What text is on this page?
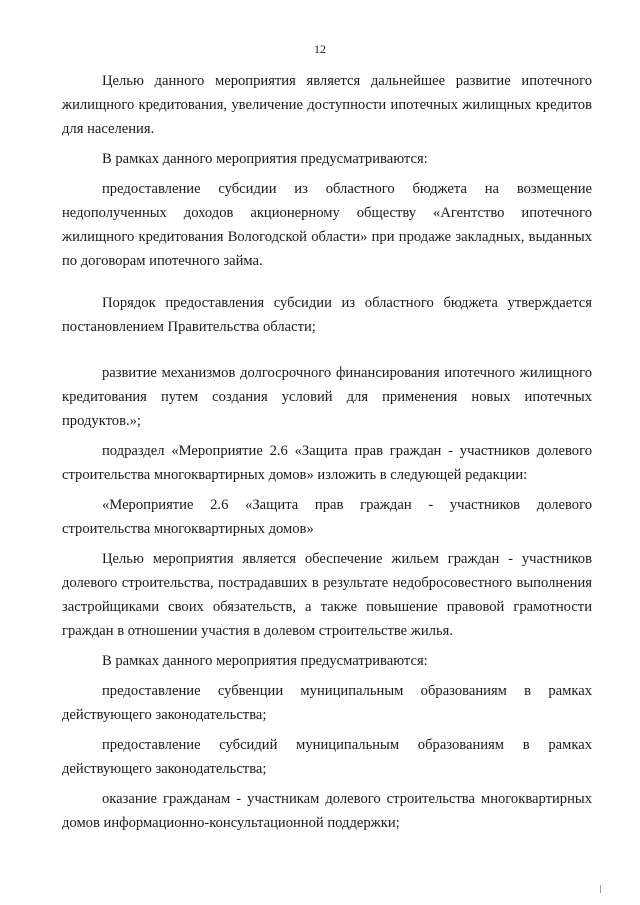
12

Целью данного мероприятия является дальнейшее развитие ипотечного жилищного кредитования, увеличение доступности ипотечных жилищных кредитов для населения.

В рамках данного мероприятия предусматриваются:

предоставление субсидии из областного бюджета на возмещение недополученных доходов акционерному обществу «Агентство ипотечного жилищного кредитования Вологодской области» при продаже закладных, выданных по договорам ипотечного займа.

Порядок предоставления субсидии из областного бюджета утверждается постановлением Правительства области;

развитие механизмов долгосрочного финансирования ипотечного жилищного кредитования путем создания условий для применения новых ипотечных продуктов.»;

подраздел «Мероприятие 2.6 «Защита прав граждан - участников долевого строительства многоквартирных домов» изложить в следующей редакции:

«Мероприятие 2.6 «Защита прав граждан - участников долевого строительства многоквартирных домов»

Целью мероприятия является обеспечение жильем граждан - участников долевого строительства, пострадавших в результате недобросовестного выполнения застройщиками своих обязательств, а также повышение правовой грамотности граждан в отношении участия в долевом строительстве жилья.

В рамках данного мероприятия предусматриваются:

предоставление субвенции муниципальным образованиям в рамках действующего законодательства;

предоставление субсидий муниципальным образованиям в рамках действующего законодательства;

оказание гражданам - участникам долевого строительства многоквартирных домов информационно-консультационной поддержки;
